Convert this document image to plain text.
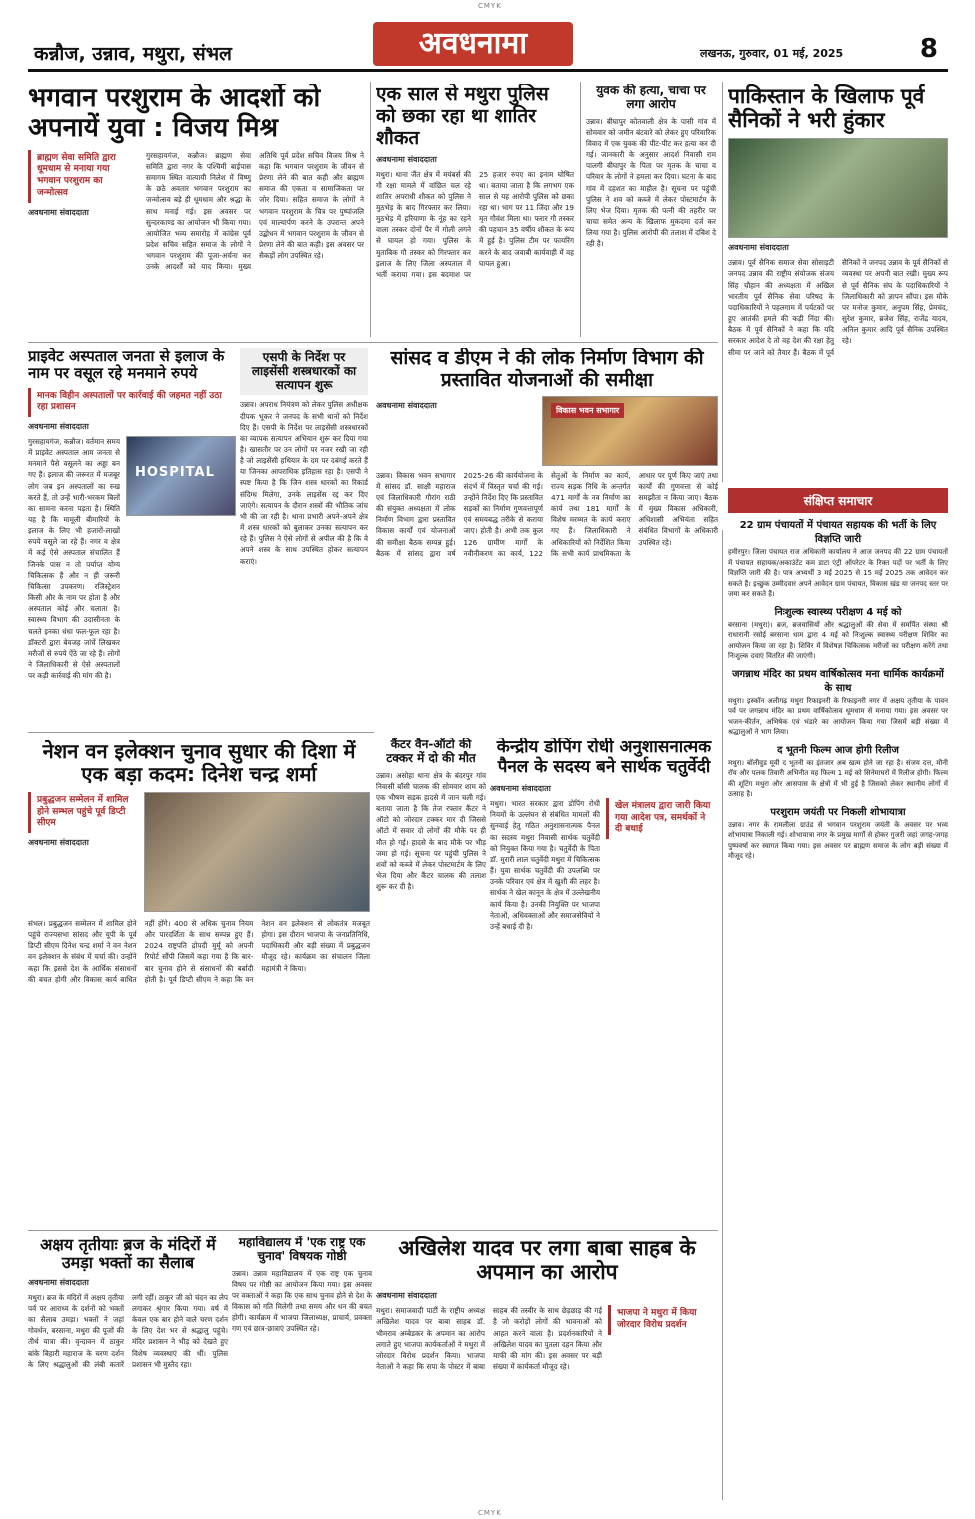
CMYK
कन्नौज, उन्नाव, मथुरा, संभल	अवधनामा	लखनऊ, गुरुवार, 01 मई, 2025	8
भगवान परशुराम के आदर्शो को अपनायें युवा : विजय मिश्र
ब्राह्मण सेवा समिति द्वारा धूमधाम से मनाया गया भगवान परशुराम का जन्मोत्सव
अवधनामा संवाददाता
गुरसहायगंज, कन्नौज। ब्राह्मण सेवा समिति द्वारा नगर के पश्चिमी बाईपास समागम स्थित वात्यायी निलेश में विष्णु के छठे अवतार भगवान परशुराम का जन्मोत्सव बड़े ही धूमधाम और श्रद्धा के साथ मनाई गई। इस अवसर पर सुन्दरकाण्ड का आयोजन भी किया गया। आयोजित भव्य समारोह में कांग्रेस पूर्व प्रदेश सचिव सहित समाज के लोगों ने भगवान परशुराम की पूजा-अर्चना कर उनके आदर्शों को याद किया। मुख्य अतिथि पूर्व प्रदेश सचिव विजय मिश्र ने कहा कि भगवान परशुराम के जीवन से प्रेरणा लेने की बात कही और ब्राह्मण समाज की एकता व सामाजिकता पर जोर दिया। सहित समाज के लोगों ने भगवान परशुराम के चित्र पर पुष्पांजलि एवं माल्यार्पण करने के उपरान्त अपने उद्बोधन में भगवान परशुराम के जीवन से प्रेरणा लेने की बात कही। इस अवसर पर सैकड़ों लोग उपस्थित रहे।
एक साल से मथुरा पुलिस को छका रहा था शातिर शौकत
अवधनामा संवाददाता
मथुरा। थाना जैंत क्षेत्र में मयंबर्स की गौ रक्षा मामले में वांछित चल रहे शातिर अपराधी शौकत को पुलिस ने मुठभेड़ के बाद गिरफ्तार कर लिया। मुठभेड़ में हरियाणा के नूंह का रहने वाला तस्कर दोनों पैर में गोली लगने से घायल हो गया। पुलिस के मुताबिक गौ तस्कर को गिरफ्तार कर इलाज के लिए जिला अस्पताल में भर्ती कराया गया। इस बदमाश पर 25 हजार रुपए का इनाम घोषित था। बताया जाता है कि लगभग एक साल से यह आरोपी पुलिस को छका रहा था। भाग पर 11 जिंदा और 19 मृत गौवंश मिला था। फरार गौ तस्कर की पहचान 35 वर्षीय शौकत के रूप में हुई है। पुलिस टीम पर फायरिंग करने के बाद जवाबी कार्यवाही में वह घायल हुआ।
युवक की हत्या, चाचा पर लगा आरोप
उन्नाव। बीघापुर कोतवाली क्षेत्र के पासी गांव में सोमवार को जमीन बंटवारे को लेकर हुए परिवारिक विवाद में एक युवक की पीट-पीट कर हत्या कर दी गई। जानकारी के अनुसार आदर्श निवासी राम पालगी बीघापुर के पिता पर मृतक के चाचा व परिवार के लोगों ने हमला कर दिया। घटना के बाद गांव में दहशत का माहौल है। सूचना पर पहुंची पुलिस ने शव को कब्जे में लेकर पोस्टमार्टम के लिए भेज दिया। मृतक की पत्नी की तहरीर पर चाचा समेत अन्य के खिलाफ मुकदमा दर्ज कर लिया गया है। पुलिस आरोपी की तलाश में दबिश दे रही है।
पाकिस्तान के खिलाफ पूर्व सैनिकों ने भरी हुंकार
अवधनामा संवाददाता
उन्नाव। पूर्व सैनिक समाज सेवा सोसाइटी जनपद उन्नाव की राष्ट्रीय संयोजक संजय सिंह चौहान की अध्यक्षता में अखिल भारतीय पूर्व सैनिक सेवा परिषद के पदाधिकारियों ने पहलगाम में पर्यटकों पर हुए आतंकी हमले की कड़ी निंदा की। बैठक में पूर्व सैनिकों ने कहा कि यदि सरकार आदेश दे तो वह देश की रक्षा हेतु सीमा पर जाने को तैयार हैं। बैठक में पूर्व सैनिकों ने जनपद उन्नाव के पूर्व सैनिकों से व्यवस्था पर अपनी बात रखी। मुख्य रूप से पूर्व सैनिक संघ के पदाधिकारियों ने जिलाधिकारी को ज्ञापन सौंपा। इस मौके पर मनोज कुमार, अनुपम सिंह, प्रेमचंद, सुरेश कुमार, ब्रजेश सिंह, राजेंद्र यादव, अनिल कुमार आदि पूर्व सैनिक उपस्थित रहे।
प्राइवेट अस्पताल जनता से इलाज के नाम पर वसूल रहे मनमाने रुपये
मानक विहीन अस्पतालों पर कार्रवाई की जहमत नहीं उठा रहा प्रशासन
अवधनामा संवाददाता
गुरसहायगंज, कन्नौज। वर्तमान समय में प्राइवेट अस्पताल आम जनता से मनमाने पैसे वसूलने का अड्डा बन गए हैं। इलाज की जरूरत में मजबूर लोग जब इन अस्पतालों का रुख करते हैं, तो उन्हें भारी-भरकम बिलों का सामना करना पड़ता है। स्थिति यह है कि मामूली बीमारियों के इलाज के लिए भी हजारों-लाखों रुपये वसूले जा रहे हैं। नगर व क्षेत्र में कई ऐसे अस्पताल संचालित हैं जिनके पास न तो पर्याप्त योग्य चिकित्सक हैं और न ही जरूरी चिकित्सा उपकरण। रजिस्ट्रेशन किसी और के नाम पर होता है और अस्पताल कोई और चलाता है। स्वास्थ्य विभाग की उदासीनता के चलते इनका धंधा फल-फूल रहा है। डॉक्टरों द्वारा बेवजह जांचें लिखकर मरीजों से रुपये ऐंठे जा रहे हैं। लोगों ने जिलाधिकारी से ऐसे अस्पतालों पर कड़ी कार्रवाई की मांग की है।
HOSPITAL
एसपी के निर्देश पर लाइसेंसी शस्त्रधारकों का सत्यापन शुरू
उन्नाव। अपराध नियंत्रण को लेकर पुलिस अधीक्षक दीपक भूकर ने जनपद के सभी थानों को निर्देश दिए हैं। एसपी के निर्देश पर लाइसेंसी शस्त्रधारकों का व्यापक सत्यापन अभियान शुरू कर दिया गया है। खासतौर पर उन लोगों पर नजर रखी जा रही है जो लाइसेंसी हथियार के दम पर दबंगई करते हैं या जिनका आपराधिक इतिहास रहा है। एसपी ने स्पष्ट किया है कि जिन शस्त्र धारकों का रिकार्ड संदिग्ध मिलेगा, उनके लाइसेंस रद्द कर दिए जाएंगे। सत्यापन के दौरान शस्त्रों की भौतिक जांच भी की जा रही है। थाना प्रभारी अपने-अपने क्षेत्र में शस्त्र धारकों को बुलाकर उनका सत्यापन कर रहे हैं। पुलिस ने ऐसे लोगों से अपील की है कि वे अपने शस्त्र के साथ उपस्थित होकर सत्यापन कराएं।
सांसद व डीएम ने की लोक निर्माण विभाग की प्रस्तावित योजनाओं की समीक्षा
अवधनामा संवाददाता
विकास भवन सभागार
उन्नाव। विकास भवन सभागार में सांसद डॉ. साक्षी महाराज एवं जिलाधिकारी गौरांग राठी की संयुक्त अध्यक्षता में लोक निर्माण विभाग द्वारा प्रस्तावित विकास कार्यों एवं योजनाओं की समीक्षा बैठक सम्पन्न हुई। बैठक में सांसद द्वारा वर्ष 2025-26 की कार्ययोजना के संदर्भ में विस्तृत चर्चा की गई। उन्होंने निर्देश दिए कि प्रस्तावित सड़कों का निर्माण गुणवत्तापूर्ण एवं समयबद्ध तरीके से कराया जाए। होती है। अभी तक कुल 126 ग्रामीण मार्गों के नवीनीकरण का कार्य, 122 सेतुओं के निर्माण का कार्य, राज्य सड़क निधि के अन्तर्गत 471 मार्गों के नव निर्माण का कार्य तथा 181 मार्गों के विशेष मरम्मत के कार्य कराए गए हैं। जिलाधिकारी ने अधिकारियों को निर्देशित किया कि सभी कार्य प्राथमिकता के आधार पर पूर्ण किए जाएं तथा कार्यों की गुणवत्ता से कोई समझौता न किया जाए। बैठक में मुख्य विकास अधिकारी, अधिशासी अभियंता सहित संबंधित विभागों के अधिकारी उपस्थित रहे।
संक्षिप्त समाचार
22 ग्राम पंचायतों में पंचायत सहायक की भर्ती के लिए विज्ञप्ति जारी
हमीरपुर। जिला पंचायत राज अधिकारी कार्यालय ने आज जनपद की 22 ग्राम पंचायतों में पंचायत सहायक/अकाउंटेंट कम डाटा एंट्री ऑपरेटर के रिक्त पदों पर भर्ती के लिए विज्ञप्ति जारी की है। पात्र अभ्यर्थी 3 मई 2025 से 15 मई 2025 तक आवेदन कर सकते हैं। इच्छुक उम्मीदवार अपने आवेदन ग्राम पंचायत, विकास खंड या जनपद स्तर पर जमा कर सकते हैं।
निःशुल्क स्वास्थ्य परीक्षण 4 मई को
बरसाना (मथुरा)। ब्रज, ब्रजवासियों और श्रद्धालुओं की सेवा में समर्पित संस्था श्री राधारानी रसोई बरसाना धाम द्वारा 4 मई को निःशुल्क स्वास्थ्य परीक्षण शिविर का आयोजन किया जा रहा है। शिविर में विशेषज्ञ चिकित्सक मरीजों का परीक्षण करेंगे तथा निःशुल्क दवाएं वितरित की जाएंगी।
जगन्नाथ मंदिर का प्रथम वार्षिकोत्सव मना धार्मिक कार्यक्रमों के साथ
मथुरा। इस्कॉन अलीगढ़ मथुरा रिफाइनरी के रिफाइनरी नगर में अक्षय तृतीया के पावन पर्व पर जगन्नाथ मंदिर का प्रथम वार्षिकोत्सव धूमधाम से मनाया गया। इस अवसर पर भजन-कीर्तन, अभिषेक एवं भंडारे का आयोजन किया गया जिसमें बड़ी संख्या में श्रद्धालुओं ने भाग लिया।
द भूतनी फिल्म आज होगी रिलीज
मथुरा। बॉलीवुड मूवी द भूतनी का इंतजार अब खत्म होने जा रहा है। संजय दत्त, मौनी रॉय और पलक तिवारी अभिनीत यह फिल्म 1 मई को सिनेमाघरों में रिलीज होगी। फिल्म की शूटिंग मथुरा और आसपास के क्षेत्रों में भी हुई है जिसको लेकर स्थानीय लोगों में उत्साह है।
परशुराम जयंती पर निकली शोभायात्रा
उन्नाव। नगर के रामलीला ग्राउंड से भगवान परशुराम जयंती के अवसर पर भव्य शोभायात्रा निकाली गई। शोभायात्रा नगर के प्रमुख मार्गों से होकर गुजरी जहां जगह-जगह पुष्पवर्षा कर स्वागत किया गया। इस अवसर पर ब्राह्मण समाज के लोग बड़ी संख्या में मौजूद रहे।
कैंटर वैन-ऑटो की टक्कर में दो की मौत
उन्नाव। असोहा थाना क्षेत्र के बंदरपुर गांव निवासी बाँसी चालक की सोमवार शाम को एक भीषण सड़क हादसे में जान चली गई। बताया जाता है कि तेज रफ्तार कैंटर ने ऑटो को जोरदार टक्कर मार दी जिससे ऑटो में सवार दो लोगों की मौके पर ही मौत हो गई। हादसे के बाद मौके पर भीड़ जमा हो गई। सूचना पर पहुंची पुलिस ने शवों को कब्जे में लेकर पोस्टमार्टम के लिए भेज दिया और कैंटर चालक की तलाश शुरू कर दी है।
नेशन वन इलेक्शन चुनाव सुधार की दिशा में एक बड़ा कदम: दिनेश चन्द्र शर्मा
प्रबुद्धजन सम्मेलन में शामिल होने सम्भल पहुंचे पूर्व डिप्टी सीएम
अवधनामा संवाददाता
संभल। प्रबुद्धजन सम्मेलन में शामिल होने पहुंचे राज्यसभा सांसद और यूपी के पूर्व डिप्टी सीएम दिनेश चन्द्र शर्मा ने वन नेशन वन इलेक्शन के संबंध में चर्चा की। उन्होंने कहा कि इससे देश के आर्थिक संसाधनों की बचत होगी और विकास कार्य बाधित नहीं होंगे। 400 से अधिक चुनाव नियम और पारदर्शिता के साथ सम्पन्न हुए हैं। 2024 राष्ट्रपति द्रोपदी मुर्मू को अपनी रिपोर्ट सौंपी जिसमें कहा गया है कि बार-बार चुनाव होने से संसाधनों की बर्बादी होती है। पूर्व डिप्टी सीएम ने कहा कि वन नेशन वन इलेक्शन से लोकतंत्र मजबूत होगा। इस दौरान भाजपा के जनप्रतिनिधि, पदाधिकारी और बड़ी संख्या में प्रबुद्धजन मौजूद रहे। कार्यक्रम का संचालन जिला महामंत्री ने किया।
केन्द्रीय डोपिंग रोधी अनुशासनात्मक पैनल के सदस्य बने सार्थक चतुर्वेदी
अवधनामा संवाददाता
मथुरा। भारत सरकार द्वारा डोपिंग रोधी नियमों के उल्लंघन से संबंधित मामलों की सुनवाई हेतु गठित अनुशासनात्मक पैनल का सदस्य मथुरा निवासी सार्थक चतुर्वेदी को नियुक्त किया गया है। चतुर्वेदी के पिता डॉ. मुरारी लाल चतुर्वेदी मथुरा में चिकित्सक हैं। युवा सार्थक चतुर्वेदी की उपलब्धि पर उनके परिवार एवं क्षेत्र में खुशी की लहर है। सार्थक ने खेल कानून के क्षेत्र में उल्लेखनीय कार्य किया है। उनकी नियुक्ति पर भाजपा नेताओं, अधिवक्ताओं और समाजसेवियों ने उन्हें बधाई दी है।
खेल मंत्रालय द्वारा जारी किया गया आदेश पत्र, समर्थकों ने दी बधाई
अक्षय तृतीयाः ब्रज के मंदिरों में उमड़ा भक्तों का सैलाब
अवधनामा संवाददाता
मथुरा। ब्रज के मंदिरों में अक्षय तृतीया पर्व पर आराध्य के दर्शनों को भक्तों का सैलाब उमड़ा। भक्तों ने जहां गोवर्धन, बरसाना, मथुरा की पूजों की तीर्थ यात्रा की। वृन्दावन में ठाकुर बांके बिहारी महाराज के चरण दर्शन के लिए श्रद्धालुओं की लंबी कतारें लगी रहीं। ठाकुर जी को चंदन का लेप लगाकर श्रृंगार किया गया। वर्ष में केवल एक बार होने वाले चरण दर्शन के लिए देश भर से श्रद्धालु पहुंचे। मंदिर प्रशासन ने भीड़ को देखते हुए विशेष व्यवस्थाएं की थीं। पुलिस प्रशासन भी मुस्तैद रहा।
महाविद्यालय में 'एक राष्ट्र एक चुनाव' विषयक गोष्ठी
उन्नाव। उन्नाव महाविद्यालय में एक राष्ट्र एक चुनाव विषय पर गोष्ठी का आयोजन किया गया। इस अवसर पर वक्ताओं ने कहा कि एक साथ चुनाव होने से देश के विकास को गति मिलेगी तथा समय और धन की बचत होगी। कार्यक्रम में भाजपा जिलाध्यक्ष, प्राचार्य, प्रवक्ता गण एवं छात्र-छात्राएं उपस्थित रहे।
अखिलेश यादव पर लगा बाबा साहब के अपमान का आरोप
अवधनामा संवाददाता
मथुरा। समाजवादी पार्टी के राष्ट्रीय अध्यक्ष अखिलेश यादव पर बाबा साहब डॉ. भीमराव अम्बेडकर के अपमान का आरोप लगाते हुए भाजपा कार्यकर्ताओं ने मथुरा में जोरदार विरोध प्रदर्शन किया। भाजपा नेताओं ने कहा कि सपा के पोस्टर में बाबा साहब की तस्वीर के साथ छेड़छाड़ की गई है जो करोड़ों लोगों की भावनाओं को आहत करने वाला है। प्रदर्शनकारियों ने अखिलेश यादव का पुतला दहन किया और माफी की मांग की। इस अवसर पर बड़ी संख्या में कार्यकर्ता मौजूद रहे।
भाजपा ने मथुरा में किया जोरदार विरोध प्रदर्शन
CMYK
